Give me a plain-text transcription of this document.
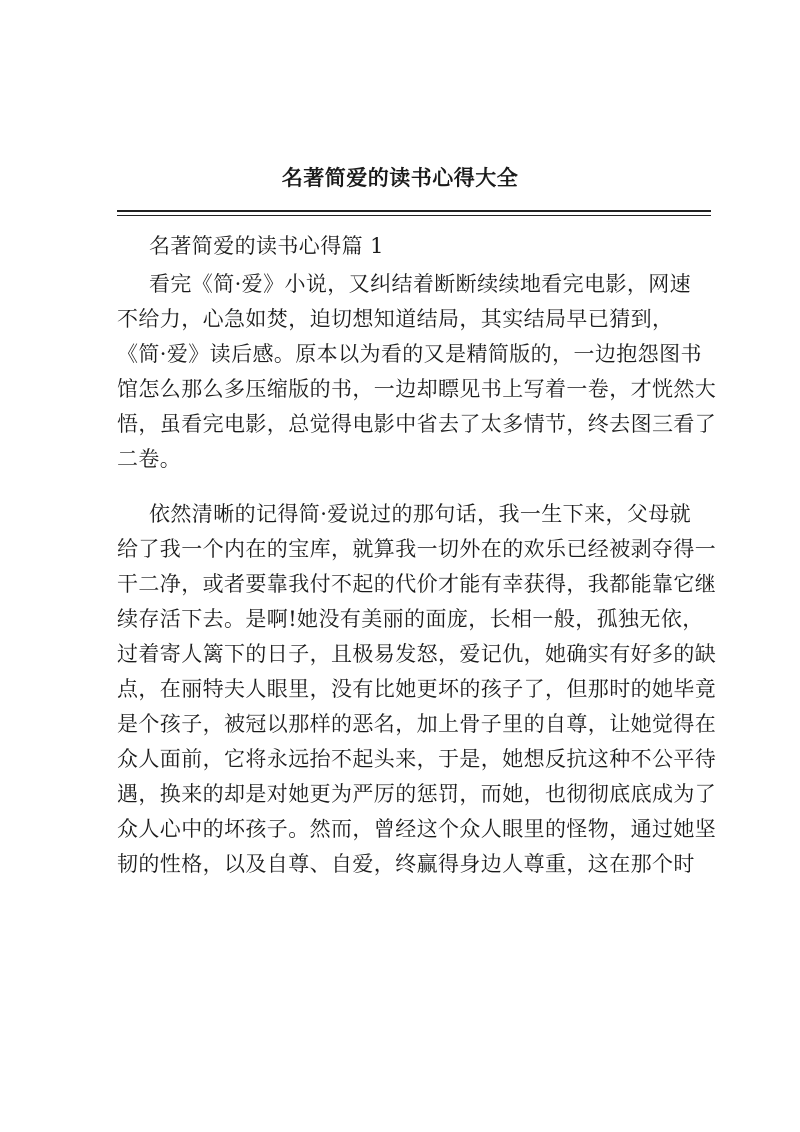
名著简爱的读书心得大全
名著简爱的读书心得篇 1
看完《简·爱》小说，又纠结着断断续续地看完电影，网速
不给力，心急如焚，迫切想知道结局，其实结局早已猜到，
《简·爱》读后感。原本以为看的又是精简版的，一边抱怨图书
馆怎么那么多压缩版的书，一边却瞟见书上写着一卷，才恍然大
悟，虽看完电影，总觉得电影中省去了太多情节，终去图三看了
二卷。
依然清晰的记得简·爱说过的那句话，我一生下来，父母就
给了我一个内在的宝库，就算我一切外在的欢乐已经被剥夺得一
干二净，或者要靠我付不起的代价才能有幸获得，我都能靠它继
续存活下去。是啊!她没有美丽的面庞，长相一般，孤独无依，
过着寄人篱下的日子，且极易发怒，爱记仇，她确实有好多的缺
点，在丽特夫人眼里，没有比她更坏的孩子了，但那时的她毕竟
是个孩子，被冠以那样的恶名，加上骨子里的自尊，让她觉得在
众人面前，它将永远抬不起头来，于是，她想反抗这种不公平待
遇，换来的却是对她更为严厉的惩罚，而她，也彻彻底底成为了
众人心中的坏孩子。然而，曾经这个众人眼里的怪物，通过她坚
韧的性格，以及自尊、自爱，终赢得身边人尊重，这在那个时
